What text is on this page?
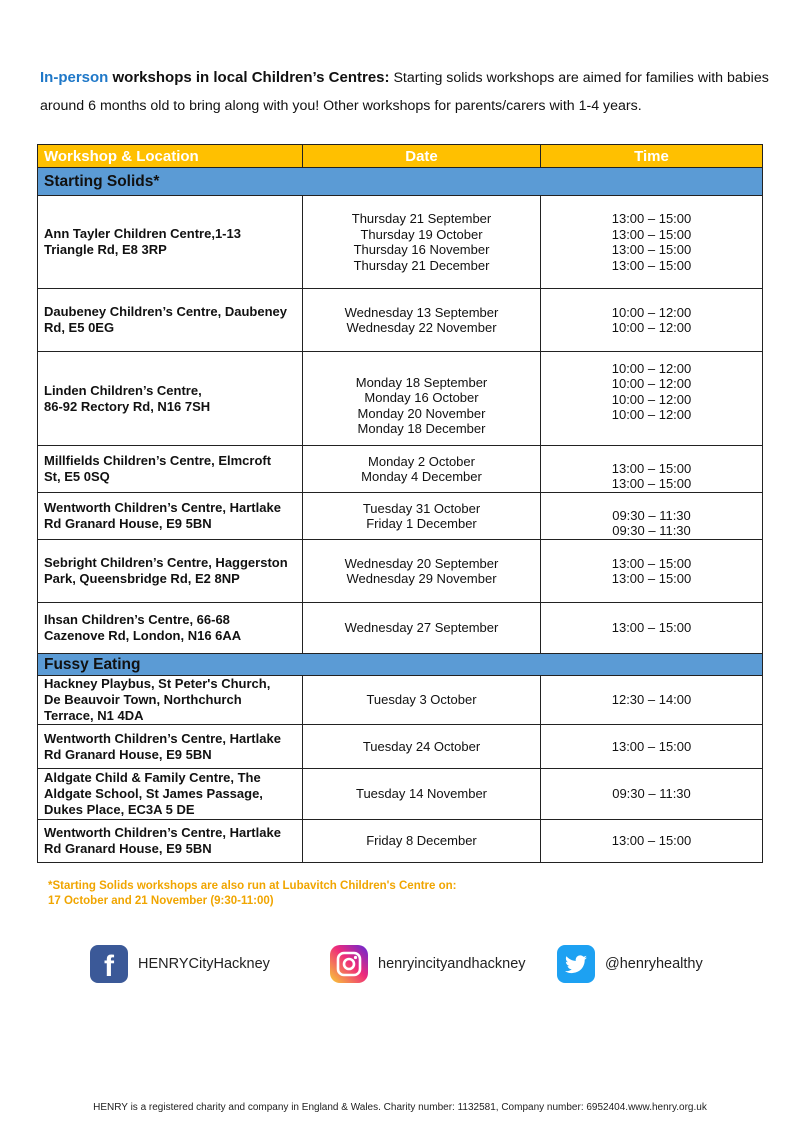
In-person workshops in local Children’s Centres: Starting solids workshops are aimed for families with babies around 6 months old to bring along with you! Other workshops for parents/carers with 1-4 years.
Workshop & Location	Date	Time
Starting Solids*		

Ann Tayler Children Centre,1-13
Triangle Rd, E8 3RP	Thursday 21 September
Thursday 19 October
Thursday 16 November
Thursday 21 December	13:00 – 15:00
13:00 – 15:00
13:00 – 15:00
13:00 – 15:00

Daubeney Children’s Centre, Daubeney
Rd, E5 0EG	Wednesday 13 September
Wednesday 22 November	10:00 – 12:00
10:00 – 12:00

Linden Children’s Centre,
86-92 Rectory Rd, N16 7SH	Monday 18 September
Monday 16 October
Monday 20 November
Monday 18 December	10:00 – 12:00
10:00 – 12:00
10:00 – 12:00
10:00 – 12:00

Millfields Children’s Centre, Elmcroft
St, E5 0SQ	Monday 2 October
Monday 4 December	13:00 – 15:00
13:00 – 15:00

Wentworth Children’s Centre, Hartlake
Rd Granard House, E9 5BN	Tuesday 31 October
Friday 1 December	09:30 – 11:30
09:30 – 11:30

Sebright Children’s Centre, Haggerston
Park, Queensbridge Rd, E2 8NP	Wednesday 20 September
Wednesday 29 November	13:00 – 15:00
13:00 – 15:00

Ihsan Children’s Centre, 66-68
Cazenove Rd, London, N16 6AA	Wednesday 27 September	13:00 – 15:00

Fussy Eating		

Hackney Playbus, St Peter's Church,
De Beauvoir Town, Northchurch
Terrace, N1 4DA	Tuesday 3 October	12:30 – 14:00

Wentworth Children’s Centre, Hartlake
Rd Granard House, E9 5BN	Tuesday 24 October	13:00 – 15:00

Aldgate Child & Family Centre, The
Aldgate School, St James Passage,
Dukes Place, EC3A 5 DE	Tuesday 14 November	09:30 – 11:30

Wentworth Children’s Centre, Hartlake
Rd Granard House, E9 5BN	Friday 8 December	13:00 – 15:00
*Starting Solids workshops are also run at Lubavitch Children's Centre on:
17 October and 21 November (9:30-11:00)
f HENRYCityHackney	henryincityandhackney	@henryhealthy
HENRY is a registered charity and company in England & Wales. Charity number: 1132581, Company number: 6952404.www.henry.org.uk
